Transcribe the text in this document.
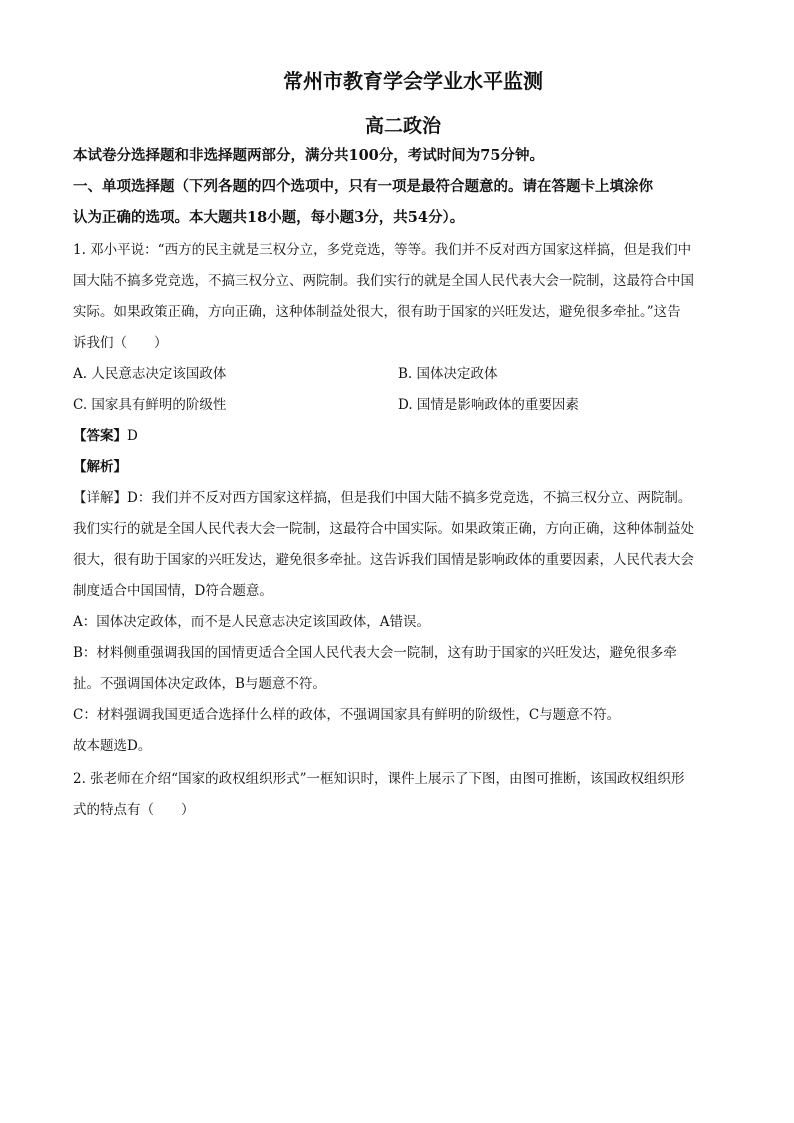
常州市教育学会学业水平监测
高二政治

本试卷分选择题和非选择题两部分，满分共100分，考试时间为75分钟。

一、单项选择题（下列各题的四个选项中，只有一项是最符合题意的。请在答题卡上填涂你

认为正确的选项。本大题共18小题，每小题3分，共54分）。

1. 邓小平说：“西方的民主就是三权分立，多党竞选，等等。我们并不反对西方国家这样搞，但是我们中

国大陆不搞多党竞选，不搞三权分立、两院制。我们实行的就是全国人民代表大会一院制，这最符合中国

实际。如果政策正确，方向正确，这种体制益处很大，很有助于国家的兴旺发达，避免很多牵扯。”这告

诉我们（　　）

A. 人民意志决定该国政体	B. 国体决定政体
C. 国家具有鲜明的阶级性	D. 国情是影响政体的重要因素

【答案】D

【解析】

【详解】D：我们并不反对西方国家这样搞，但是我们中国大陆不搞多党竞选，不搞三权分立、两院制。

我们实行的就是全国人民代表大会一院制，这最符合中国实际。如果政策正确，方向正确，这种体制益处

很大，很有助于国家的兴旺发达，避免很多牵扯。这告诉我们国情是影响政体的重要因素，人民代表大会

制度适合中国国情，D符合题意。

A：国体决定政体，而不是人民意志决定该国政体，A错误。

B：材料侧重强调我国的国情更适合全国人民代表大会一院制，这有助于国家的兴旺发达，避免很多牵

扯。不强调国体决定政体，B与题意不符。

C：材料强调我国更适合选择什么样的政体，不强调国家具有鲜明的阶级性，C与题意不符。

故本题选D。

2. 张老师在介绍“国家的政权组织形式”一框知识时，课件上展示了下图，由图可推断，该国政权组织形

式的特点有（　　）
